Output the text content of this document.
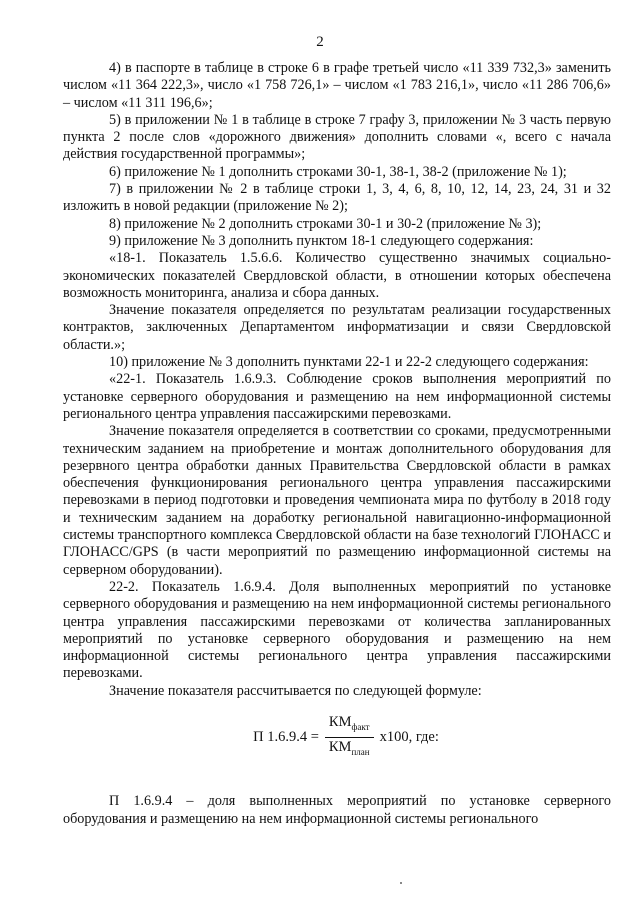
2

4) в паспорте в таблице в строке 6 в графе третьей число «11 339 732,3» заменить числом «11 364 222,3», число «1 758 726,1» – числом «1 783 216,1», число «11 286 706,6» – числом «11 311 196,6»;

5) в приложении № 1 в таблице в строке 7 графу 3, приложении № 3 часть первую пункта 2 после слов «дорожного движения» дополнить словами «, всего с начала действия государственной программы»;

6) приложение № 1 дополнить строками 30-1, 38-1, 38-2 (приложение № 1);

7) в приложении № 2 в таблице строки 1, 3, 4, 6, 8, 10, 12, 14, 23, 24, 31 и 32 изложить в новой редакции (приложение № 2);

8) приложение № 2 дополнить строками 30-1 и 30-2 (приложение № 3);

9) приложение № 3 дополнить пунктом 18-1 следующего содержания:

«18-1. Показатель 1.5.6.6. Количество существенно значимых социально-экономических показателей Свердловской области, в отношении которых обеспечена возможность мониторинга, анализа и сбора данных.

Значение показателя определяется по результатам реализации государственных контрактов, заключенных Департаментом информатизации и связи Свердловской области.»;

10) приложение № 3 дополнить пунктами 22-1 и 22-2 следующего содержания:

«22-1. Показатель 1.6.9.3. Соблюдение сроков выполнения мероприятий по установке серверного оборудования и размещению на нем информационной системы регионального центра управления пассажирскими перевозками.

Значение показателя определяется в соответствии со сроками, предусмотренными техническим заданием на приобретение и монтаж дополнительного оборудования для резервного центра обработки данных Правительства Свердловской области в рамках обеспечения функционирования регионального центра управления пассажирскими перевозками в период подготовки и проведения чемпионата мира по футболу в 2018 году и техническим заданием на доработку региональной навигационно-информационной системы транспортного комплекса Свердловской области на базе технологий ГЛОНАСС и ГЛОНАСС/GPS (в части мероприятий по размещению информационной системы на серверном оборудовании).

22-2. Показатель 1.6.9.4. Доля выполненных мероприятий по установке серверного оборудования и размещению на нем информационной системы регионального центра управления пассажирскими перевозками от количества запланированных мероприятий по установке серверного оборудования и размещению на нем информационной системы регионального центра управления пассажирскими перевозками.

Значение показателя рассчитывается по следующей формуле:

П $1.6.9.4 = \frac{КМ_{факт}}{КМ_{план}} х100$, где:

П 1.6.9.4 – доля выполненных мероприятий по установке серверного оборудования и размещению на нем информационной системы регионального
